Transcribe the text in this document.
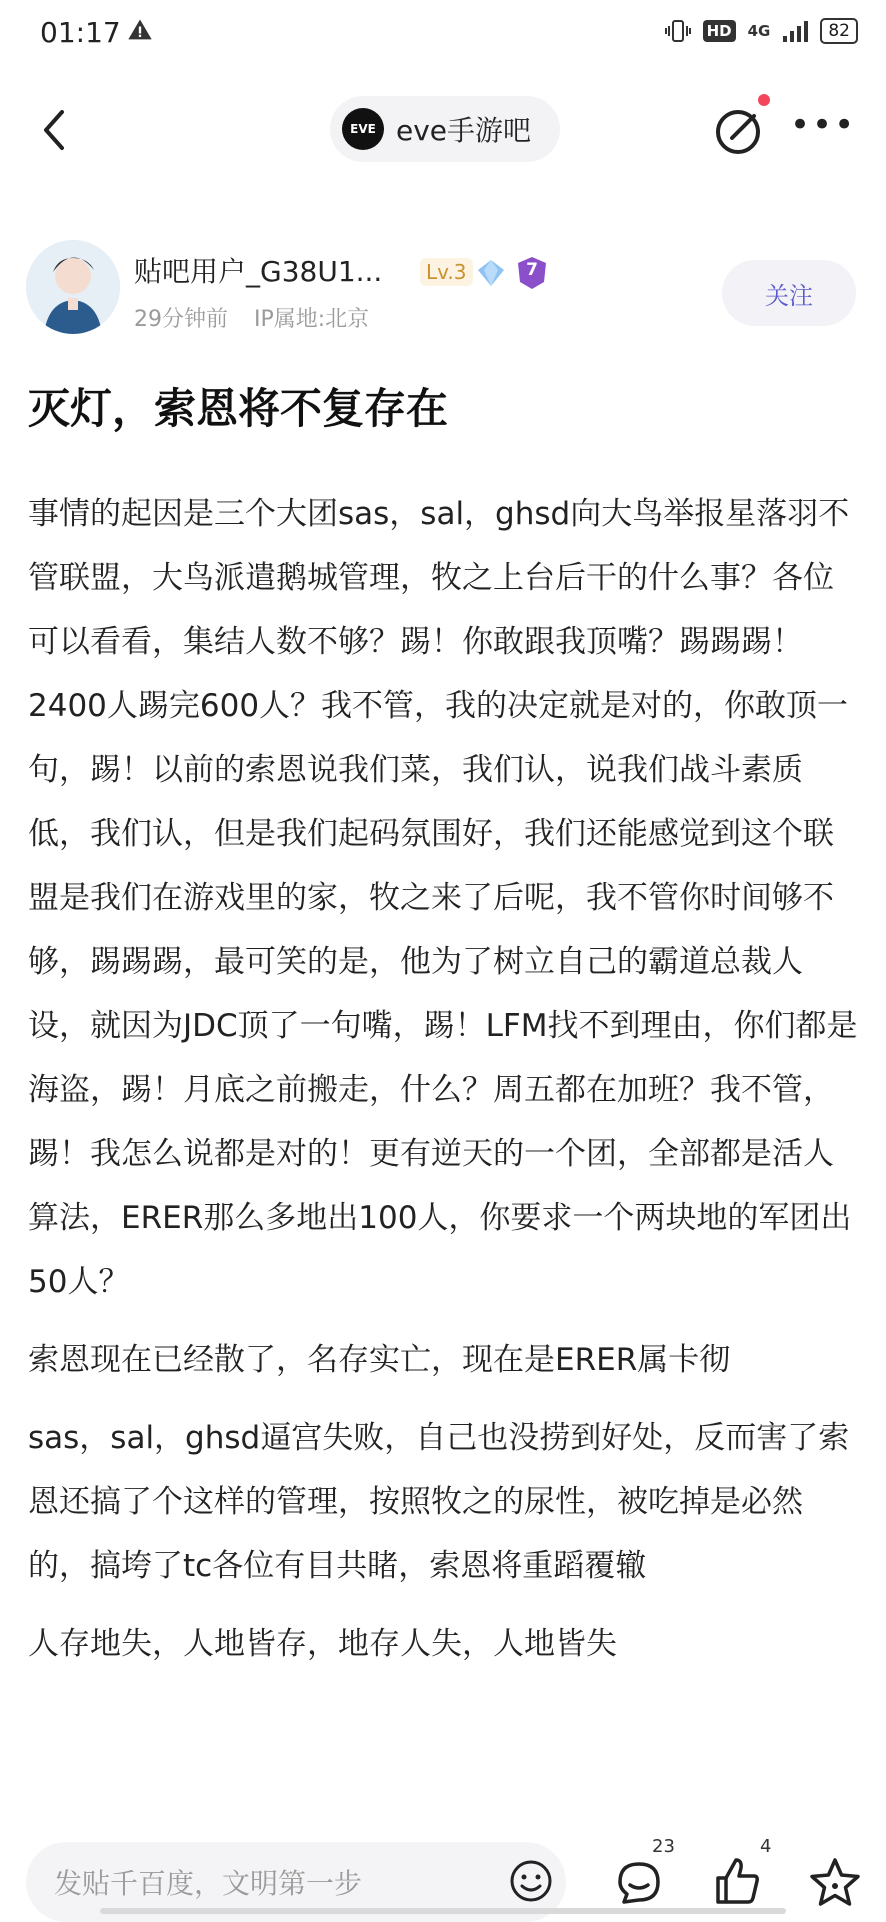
01:17	HD 4G	82
EVE eve手游吧	•••
贴吧用户_G38U1...	Lv.3	7
29分钟前 IP属地:北京
关注
灭灯，索恩将不复存在

事情的起因是三个大团sas，sal，ghsd向大鸟举报星落羽不管联盟，大鸟派遣鹅城管理，牧之上台后干的什么事？各位可以看看，集结人数不够？踢！你敢跟我顶嘴？踢踢踢！2400人踢完600人？我不管，我的决定就是对的，你敢顶一句，踢！以前的索恩说我们菜，我们认，说我们战斗素质低，我们认，但是我们起码氛围好，我们还能感觉到这个联盟是我们在游戏里的家，牧之来了后呢，我不管你时间够不够，踢踢踢，最可笑的是，他为了树立自己的霸道总裁人设，就因为JDC顶了一句嘴，踢！LFM找不到理由，你们都是海盗，踢！月底之前搬走，什么？周五都在加班？我不管，踢！我怎么说都是对的！更有逆天的一个团，全部都是活人算法，ERER那么多地出100人，你要求一个两块地的军团出50人？

索恩现在已经散了，名存实亡，现在是ERER属卡彻

sas，sal，ghsd逼宫失败，自己也没捞到好处，反而害了索恩还搞了个这样的管理，按照牧之的尿性，被吃掉是必然的，搞垮了tc各位有目共睹，索恩将重蹈覆辙

人存地失，人地皆存，地存人失，人地皆失

发贴千百度，文明第一步
23	4
